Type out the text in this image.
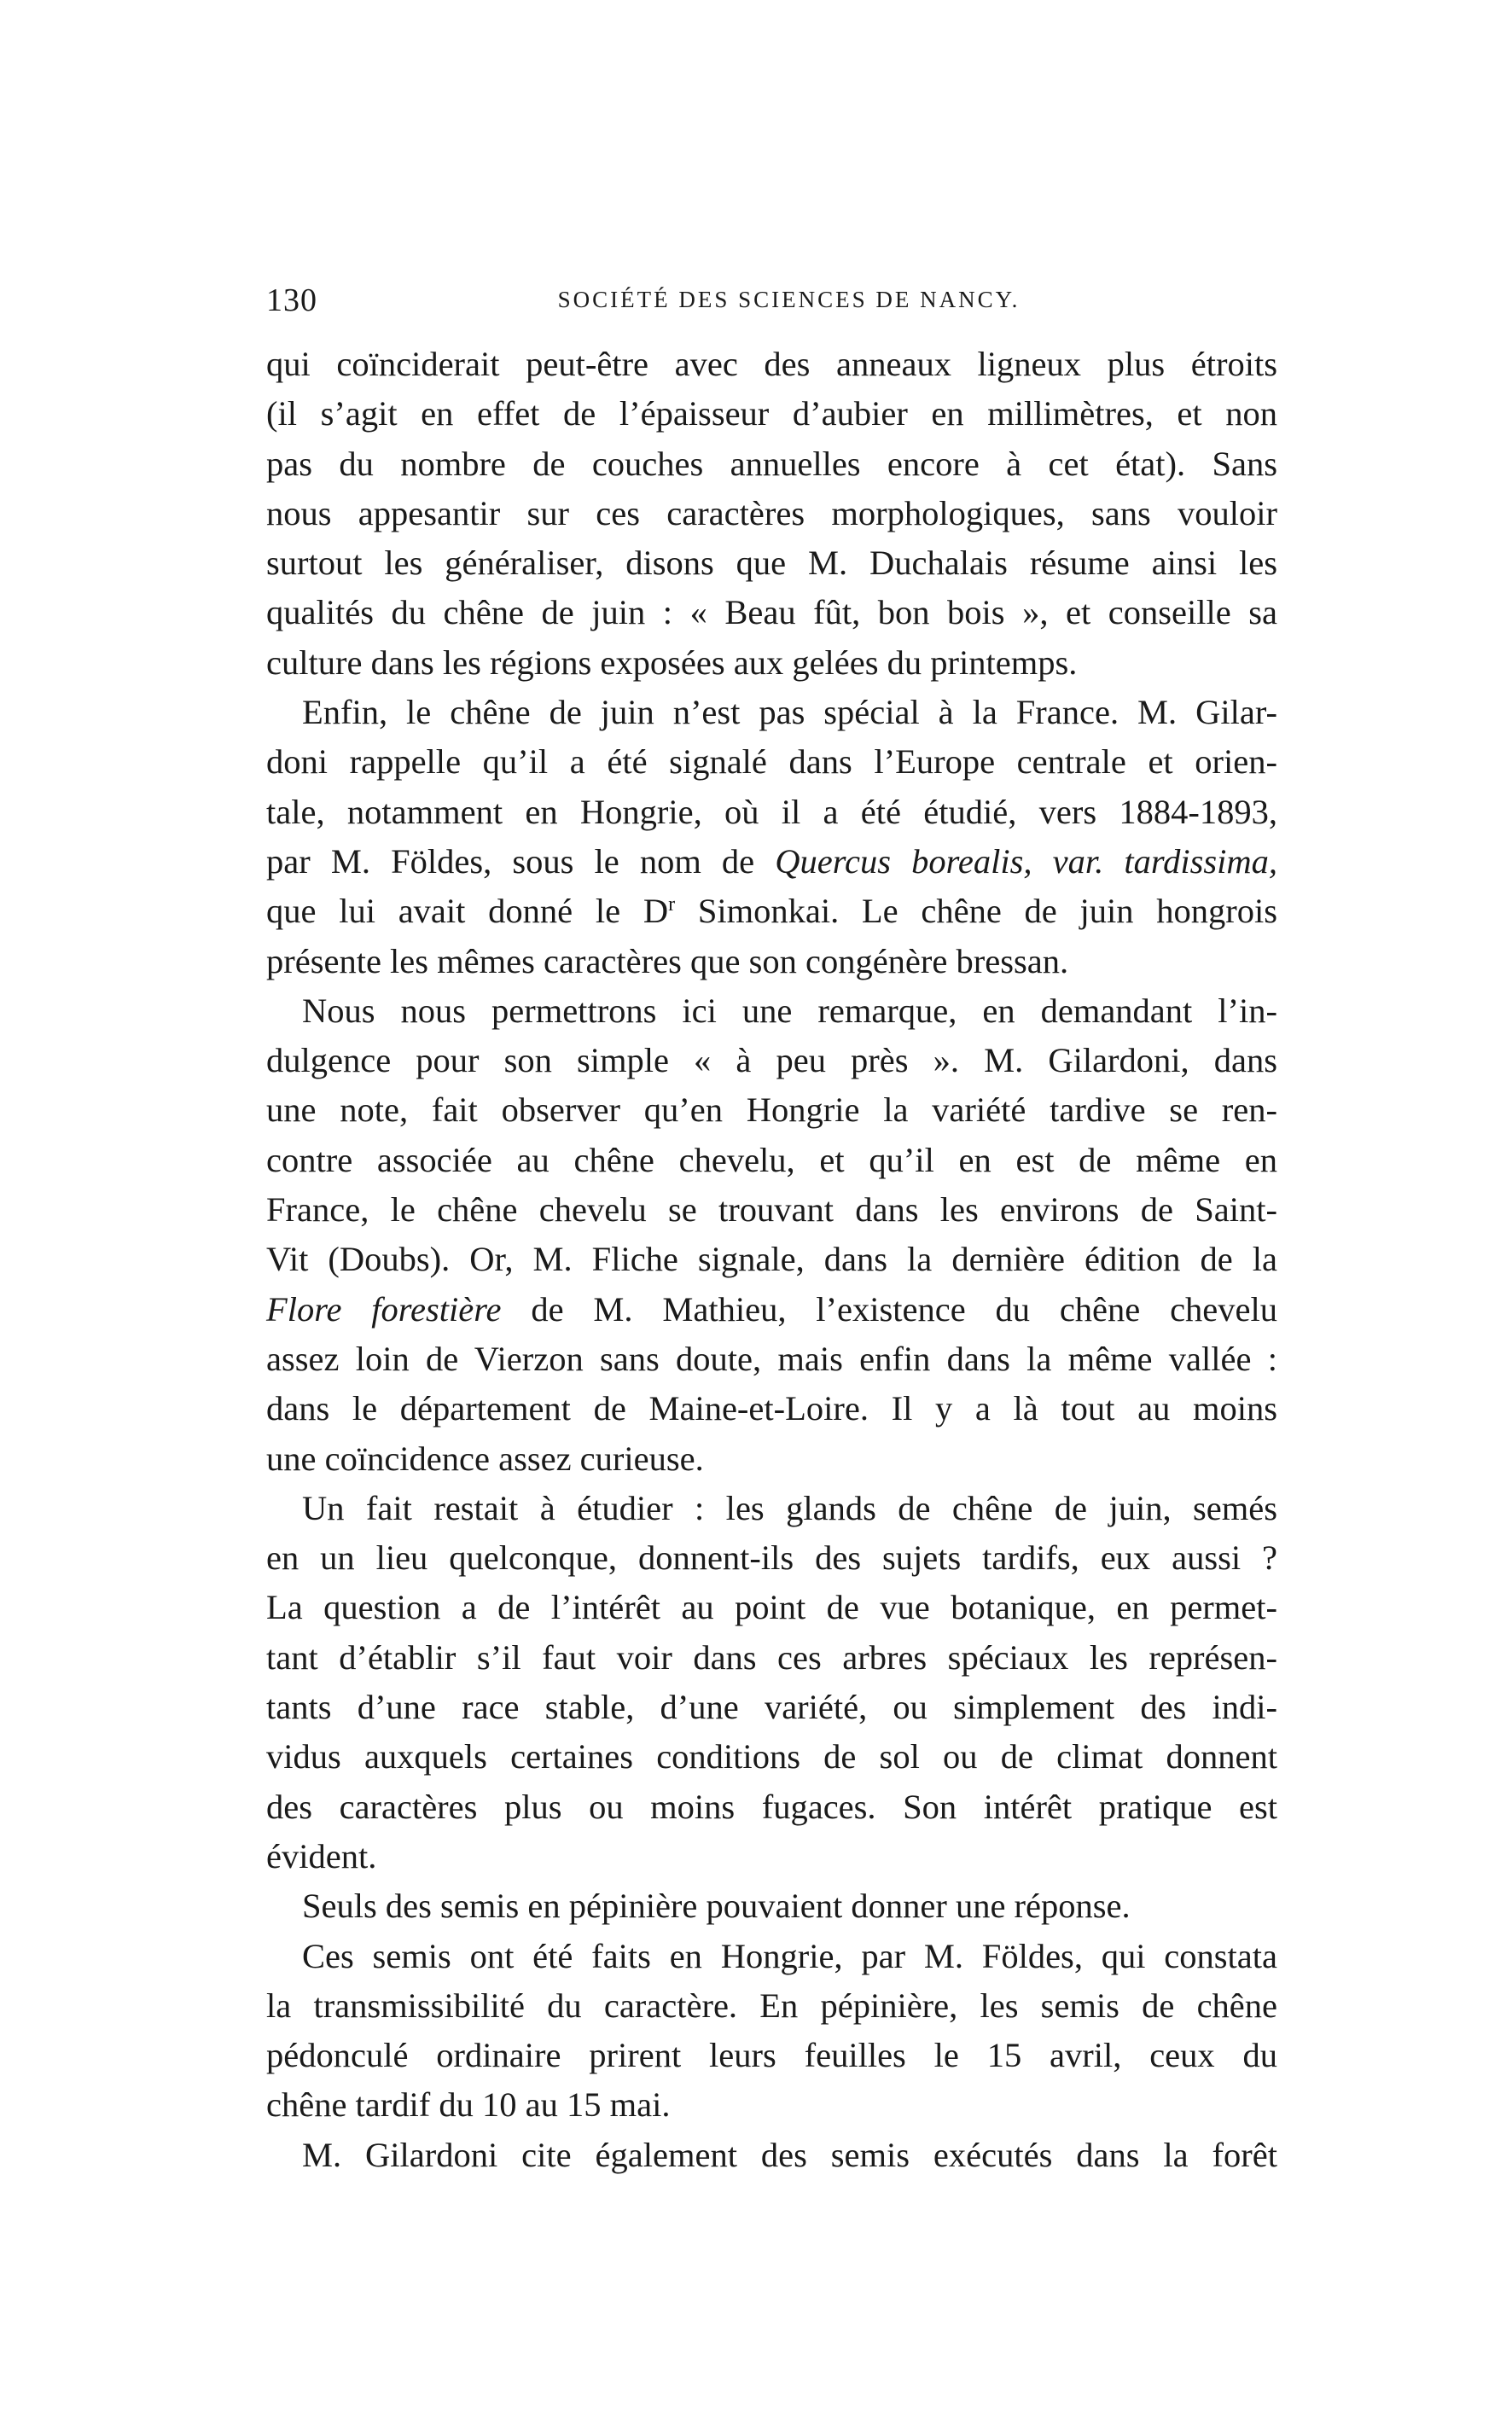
130	SOCIÉTÉ DES SCIENCES DE NANCY.
qui coïnciderait peut-être avec des anneaux ligneux plus étroits
(il s’agit en effet de l’épaisseur d’aubier en millimètres, et non
pas du nombre de couches annuelles encore à cet état). Sans
nous appesantir sur ces caractères morphologiques, sans vouloir
surtout les généraliser, disons que M. Duchalais résume ainsi les
qualités du chêne de juin : « Beau fût, bon bois », et conseille sa
culture dans les régions exposées aux gelées du printemps.
Enfin, le chêne de juin n’est pas spécial à la France. M. Gilar-
doni rappelle qu’il a été signalé dans l’Europe centrale et orien-
tale, notamment en Hongrie, où il a été étudié, vers 1884-1893,
par M. Földes, sous le nom de Quercus borealis, var. tardissima,
que lui avait donné le $D^r$ Simonkai. Le chêne de juin hongrois
présente les mêmes caractères que son congénère bressan.
Nous nous permettrons ici une remarque, en demandant l’in-
dulgence pour son simple « à peu près ». M. Gilardoni, dans
une note, fait observer qu’en Hongrie la variété tardive se ren-
contre associée au chêne chevelu, et qu’il en est de même en
France, le chêne chevelu se trouvant dans les environs de Saint-
Vit (Doubs). Or, M. Fliche signale, dans la dernière édition de la
Flore forestière de M. Mathieu, l’existence du chêne chevelu
assez loin de Vierzon sans doute, mais enfin dans la même vallée :
dans le département de Maine-et-Loire. Il y a là tout au moins
une coïncidence assez curieuse.
Un fait restait à étudier : les glands de chêne de juin, semés
en un lieu quelconque, donnent-ils des sujets tardifs, eux aussi ?
La question a de l’intérêt au point de vue botanique, en permet-
tant d’établir s’il faut voir dans ces arbres spéciaux les représen-
tants d’une race stable, d’une variété, ou simplement des indi-
vidus auxquels certaines conditions de sol ou de climat donnent
des caractères plus ou moins fugaces. Son intérêt pratique est
évident.
Seuls des semis en pépinière pouvaient donner une réponse.
Ces semis ont été faits en Hongrie, par M. Földes, qui constata
la transmissibilité du caractère. En pépinière, les semis de chêne
pédonculé ordinaire prirent leurs feuilles le 15 avril, ceux du
chêne tardif du 10 au 15 mai.
M. Gilardoni cite également des semis exécutés dans la forêt
